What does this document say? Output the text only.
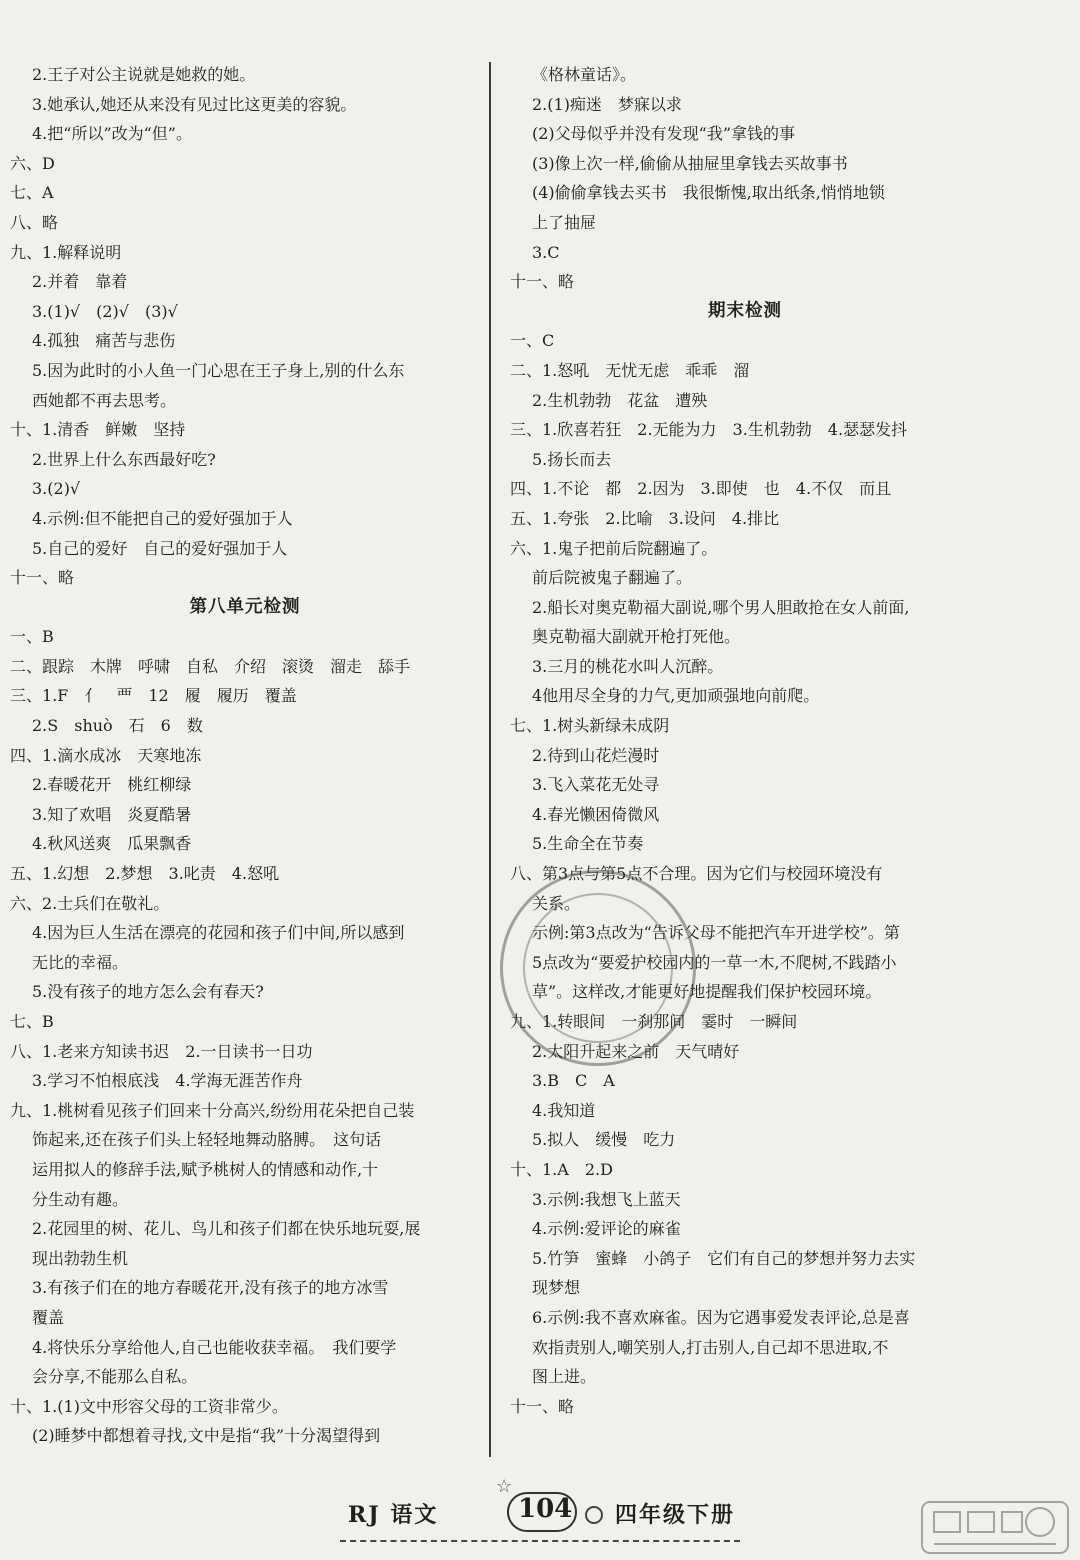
2.王子对公主说就是她救的她。
3.她承认,她还从来没有见过比这更美的容貌。
4.把“所以”改为“但”。
六、D
七、A
八、略
九、1.解释说明
2.并着　靠着
3.(1)√　(2)√　(3)√
4.孤独　痛苦与悲伤
5.因为此时的小人鱼一门心思在王子身上,别的什么东
西她都不再去思考。
十、1.清香　鲜嫩　坚持
2.世界上什么东西最好吃?
3.(2)√
4.示例:但不能把自己的爱好强加于人
5.自己的爱好　自己的爱好强加于人
十一、略
第八单元检测
一、B
二、跟踪　木牌　呼啸　自私　介绍　滚烫　溜走　舔手
三、1.F　⺅　覀　12　履　履历　覆盖
2.S　shuò　石　6　数
四、1.滴水成冰　天寒地冻
2.春暖花开　桃红柳绿
3.知了欢唱　炎夏酷暑
4.秋风送爽　瓜果飘香
五、1.幻想　2.梦想　3.叱责　4.怒吼
六、2.士兵们在敬礼。
4.因为巨人生活在漂亮的花园和孩子们中间,所以感到
无比的幸福。
5.没有孩子的地方怎么会有春天?
七、B
八、1.老来方知读书迟　2.一日读书一日功
3.学习不怕根底浅　4.学海无涯苦作舟
九、1.桃树看见孩子们回来十分高兴,纷纷用花朵把自己装
饰起来,还在孩子们头上轻轻地舞动胳膊。　这句话
运用拟人的修辞手法,赋予桃树人的情感和动作,十
分生动有趣。
2.花园里的树、花儿、鸟儿和孩子们都在快乐地玩耍,展
现出勃勃生机
3.有孩子们在的地方春暖花开,没有孩子的地方冰雪
覆盖
4.将快乐分享给他人,自己也能收获幸福。　我们要学
会分享,不能那么自私。
十、1.(1)文中形容父母的工资非常少。
(2)睡梦中都想着寻找,文中是指“我”十分渴望得到
《格林童话》。
2.(1)痴迷　梦寐以求
(2)父母似乎并没有发现“我”拿钱的事
(3)像上次一样,偷偷从抽屉里拿钱去买故事书
(4)偷偷拿钱去买书　我很惭愧,取出纸条,悄悄地锁
上了抽屉
3.C
十一、略
期末检测
一、C
二、1.怒吼　无忧无虑　乖乖　溜
2.生机勃勃　花盆　遭殃
三、1.欣喜若狂　2.无能为力　3.生机勃勃　4.瑟瑟发抖
5.扬长而去
四、1.不论　都　2.因为　3.即使　也　4.不仅　而且
五、1.夸张　2.比喻　3.设问　4.排比
六、1.鬼子把前后院翻遍了。
前后院被鬼子翻遍了。
2.船长对奥克勒福大副说,哪个男人胆敢抢在女人前面,
奥克勒福大副就开枪打死他。
3.三月的桃花水叫人沉醉。
4他用尽全身的力气,更加顽强地向前爬。
七、1.树头新绿未成阴
2.待到山花烂漫时
3.飞入菜花无处寻
4.春光懒困倚微风
5.生命全在节奏
八、第3点与第5点不合理。因为它们与校园环境没有
关系。
示例:第3点改为“告诉父母不能把汽车开进学校”。第
5点改为“要爱护校园内的一草一木,不爬树,不践踏小
草”。这样改,才能更好地提醒我们保护校园环境。
九、1.转眼间　一刹那间　霎时　一瞬间
2.太阳升起来之前　天气晴好
3.B　C　A
4.我知道
5.拟人　缓慢　吃力
十、1.A　2.D
3.示例:我想飞上蓝天
4.示例:爱评论的麻雀
5.竹笋　蜜蜂　小鸽子　它们有自己的梦想并努力去实
现梦想
6.示例:我不喜欢麻雀。因为它遇事爱发表评论,总是喜
欢指责别人,嘲笑别人,打击别人,自己却不思进取,不
图上进。
十一、略
RJ 语文
☆
104 四年级下册
